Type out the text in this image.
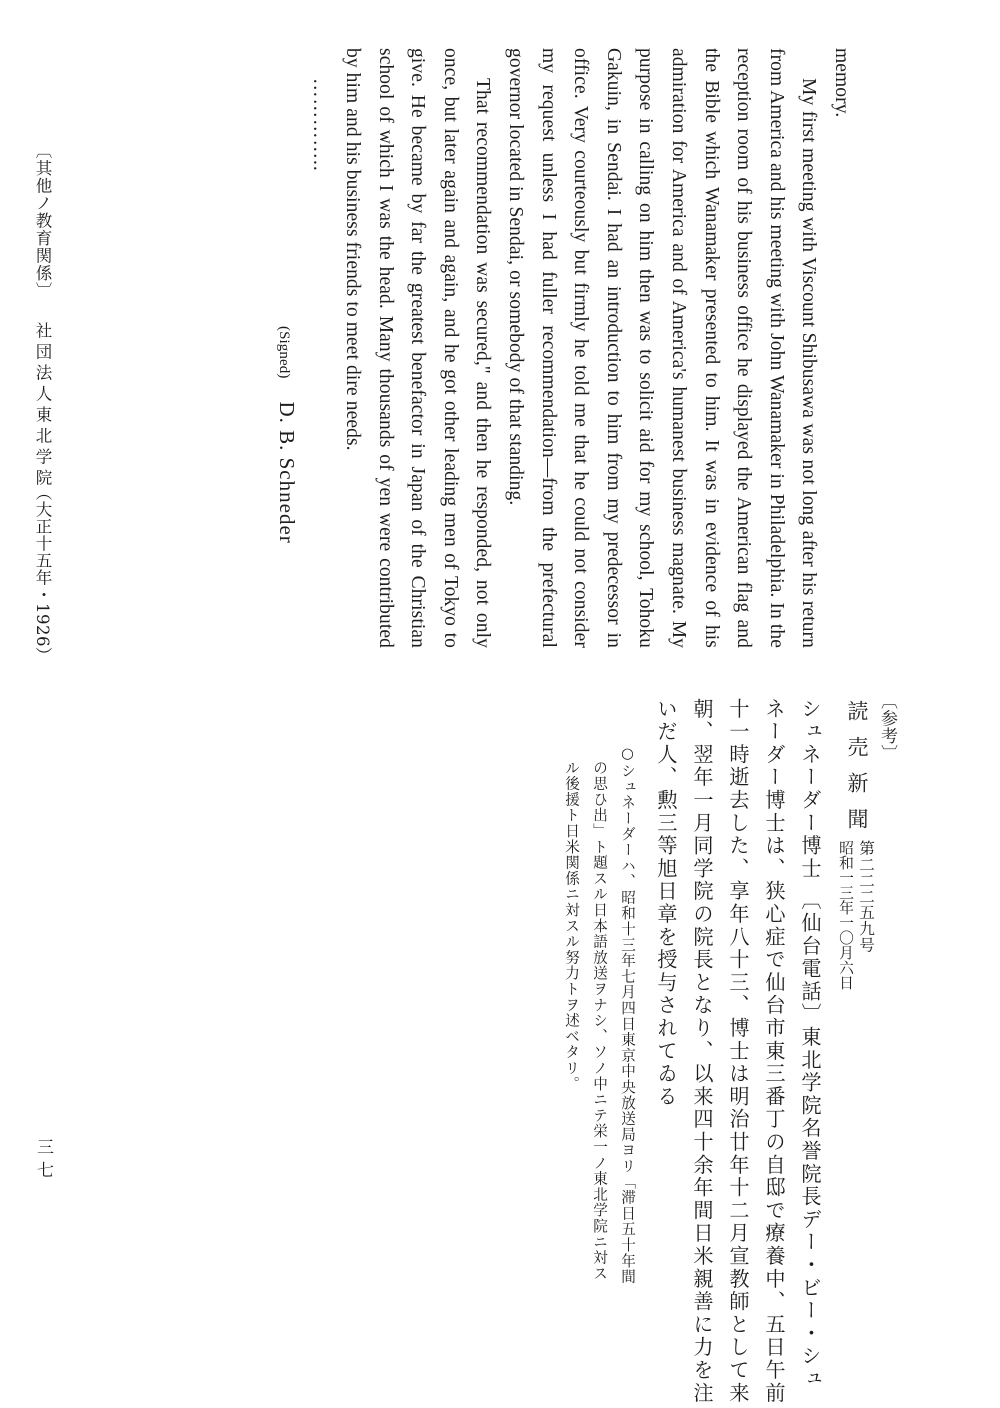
memory.

My first meeting with Viscount Shibusawa was not long after his return from America and his meeting with John Wanamaker in Philadelphia. In the reception room of his business office he displayed the American flag and the Bible which Wanamaker presented to him. It was in evidence of his admiration for America and of America's humanest business magnate. My purpose in calling on him then was to solicit aid for my school, Tohoku Gakuin, in Sendai. I had an introduction to him from my predecessor in office. Very courteously but firmly he told me that he could not consider my request unless I had fuller recommendation—from the prefectural governor located in Sendai, or somebody of that standing.

That recommendation was secured," and then he responded, not only once, but later again and again, and he got other leading men of Tokyo to give. He became by far the greatest benefactor in Japan of the Christian school of which I was the head. Many thousands of yen were contributed by him and his business friends to meet dire needs.

…………..

(Signed) D. B. Schneder

〔其他ノ教育関係〕
社団法人東北学院
（大正十五年・1926）
三七
〔参考〕
読売新聞
第二二二五九号
昭和一三年一〇月六日
シュネーダー博士 〔仙台電話〕東北学院名誉院長デー・ビー・シュ
ネーダー博士は、狭心症で仙台市東三番丁の自邸で療養中、五日午前
十一時逝去した、享年八十三、博士は明治廿年十二月宣教師として来
朝、翌年一月同学院の院長となり、以来四十余年間日米親善に力を注
いだ人、勲三等旭日章を授与されてゐる
○シュネーダーハ、昭和十三年七月四日東京中央放送局ヨリ「滞日五十年間
の思ひ出」ト題スル日本語放送ヲナシ、ソノ中ニテ栄一ノ東北学院ニ対ス
ル後援ト日米関係ニ対スル努力トヲ述ベタリ。
